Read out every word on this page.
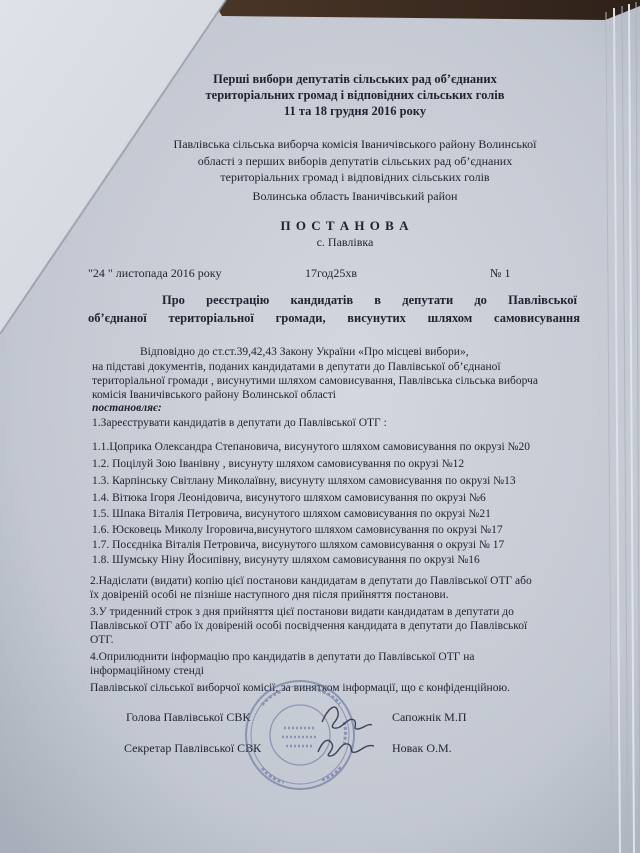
Перші вибори депутатів сільських рад об’єднаних
територіальних громад і відповідних сільських голів
11 та 18 грудня 2016 року
Павлівська сільська виборча комісія Іваничівського району Волинської
області з перших виборів депутатів сільських рад об’єднаних
територіальних громад і відповідних сільських голів
Волинська область Іваничівський район
П О С Т А Н О В А
с. Павлівка
"24 " листопада 2016 року	17год25хв	№ 1
Про реєстрацію кандидатів в депутати до Павлівської
об’єднаної територіальної громади, висунутих шляхом самовисування
Відповідно до ст.ст.39,42,43 Закону України «Про місцеві вибори»,
на підставі документів, поданих кандидатами в депутати до Павлівської об’єднаної
територіальної громади , висунутими шляхом самовисування, Павлівська сільська виборча
комісія Іваничівського району Волинської області
постановляє:
1.Зареєструвати кандидатів в депутати до Павлівської ОТГ :
1.1.Цоприка Олександра Степановича, висунутого шляхом самовисування по окрузі №20
1.2. Поцілуй Зою Іванівну , висунуту шляхом самовисування по окрузі №12
1.3. Карпінську Світлану Миколаївну, висунуту шляхом самовисування по окрузі №13
1.4. Вітюка Ігоря Леонідовича, висунутого шляхом самовисування по окрузі №6
1.5. Шпака Віталія Петровича, висунутого шляхом самовисування по окрузі №21
1.6. Юсковець Миколу Ігоровича,висунутого шляхом самовисування по окрузі №17
1.7. Посєдніка Віталія Петровича, висунутого шляхом самовисування о окрузі № 17
1.8. Шумську Ніну Йосипівну, висунуту шляхом самовисування по окрузі №16
2.Надіслати (видати) копію цієї постанови кандидатам в депутати до Павлівської ОТГ або
їх довіреній особі не пізніше наступного дня після прийняття постанови.
3.У триденний строк з дня прийняття цієї постанови видати кандидатам в депутати до
Павлівської ОТГ або їх довіреній особі посвідчення кандидата в депутати до Павлівської
ОТГ.
4.Оприлюднити інформацію про кандидатів в депутати до Павлівської ОТГ на
інформаційному стенді
Павлівської сільської виборчої комісії, за винятком інформації, що є конфіденційною.
Голова Павлівської СВК	Сапожнік М.П
Секретар Павлівської СВК	Новак О.М.
